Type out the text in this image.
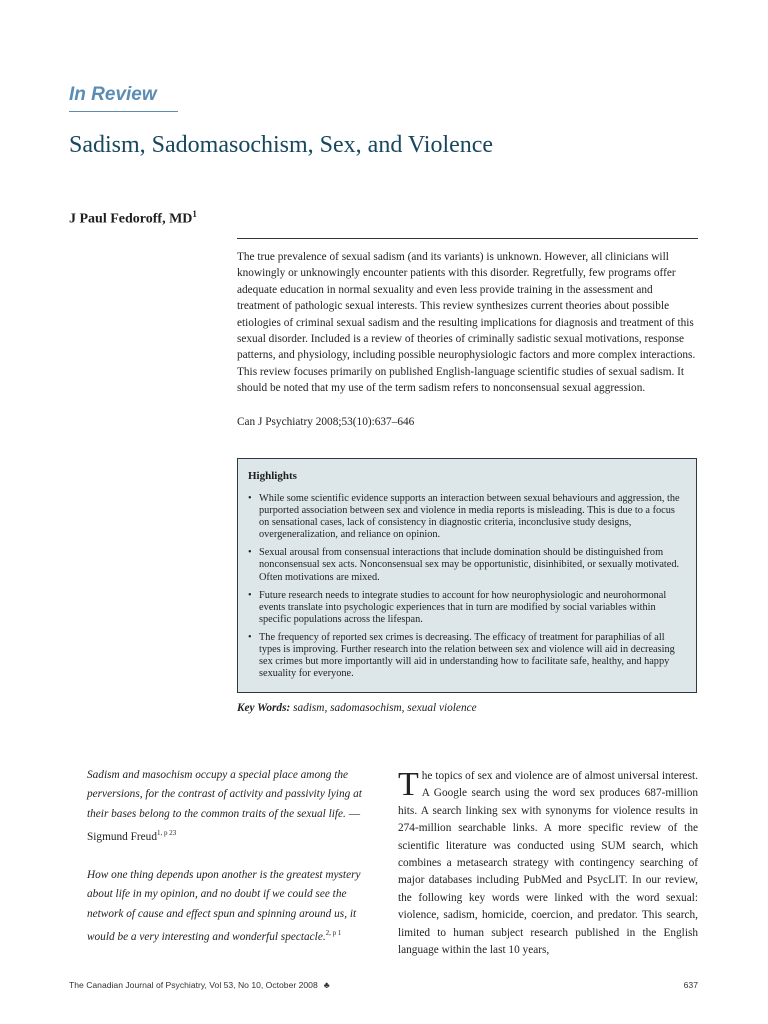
In Review
Sadism, Sadomasochism, Sex, and Violence
J Paul Fedoroff, $MD^1$
The true prevalence of sexual sadism (and its variants) is unknown. However, all clinicians will knowingly or unknowingly encounter patients with this disorder. Regretfully, few programs offer adequate education in normal sexuality and even less provide training in the assessment and treatment of pathologic sexual interests. This review synthesizes current theories about possible etiologies of criminal sexual sadism and the resulting implications for diagnosis and treatment of this sexual disorder. Included is a review of theories of criminally sadistic sexual motivations, response patterns, and physiology, including possible neurophysiologic factors and more complex interactions. This review focuses primarily on published English-language scientific studies of sexual sadism. It should be noted that my use of the term sadism refers to nonconsensual sexual aggression.
Can J Psychiatry 2008;53(10):637–646
Highlights
• While some scientific evidence supports an interaction between sexual behaviours and aggression, the purported association between sex and violence in media reports is misleading. This is due to a focus on sensational cases, lack of consistency in diagnostic criteria, inconclusive study designs, overgeneralization, and reliance on opinion.
• Sexual arousal from consensual interactions that include domination should be distinguished from nonconsensual sex acts. Nonconsensual sex may be opportunistic, disinhibited, or sexually motivated. Often motivations are mixed.
• Future research needs to integrate studies to account for how neurophysiologic and neurohormonal events translate into psychologic experiences that in turn are modified by social variables within specific populations across the lifespan.
• The frequency of reported sex crimes is decreasing. The efficacy of treatment for paraphilias of all types is improving. Further research into the relation between sex and violence will aid in decreasing sex crimes but more importantly will aid in understanding how to facilitate safe, healthy, and happy sexuality for everyone.
Key Words: sadism, sadomasochism, sexual violence
Sadism and masochism occupy a special place among the perversions, for the contrast of activity and passivity lying at their bases belong to the common traits of the sexual life. —Sigmund Freud$^{1, p 23}$
How one thing depends upon another is the greatest mystery about life in my opinion, and no doubt if we could see the network of cause and effect spun and spinning around us, it would be a very interesting and wonderful spectacle.$^{2, p 1}$
The topics of sex and violence are of almost universal interest. A Google search using the word sex produces 687-million hits. A search linking sex with synonyms for violence results in 274-million searchable links. A more specific review of the scientific literature was conducted using SUM search, which combines a metasearch strategy with contingency searching of major databases including PubMed and PsycLIT. In our review, the following key words were linked with the word sexual: violence, sadism, homicide, coercion, and predator. This search, limited to human subject research published in the English language within the last 10 years,
The Canadian Journal of Psychiatry, Vol 53, No 10, October 2008 ♣	637
